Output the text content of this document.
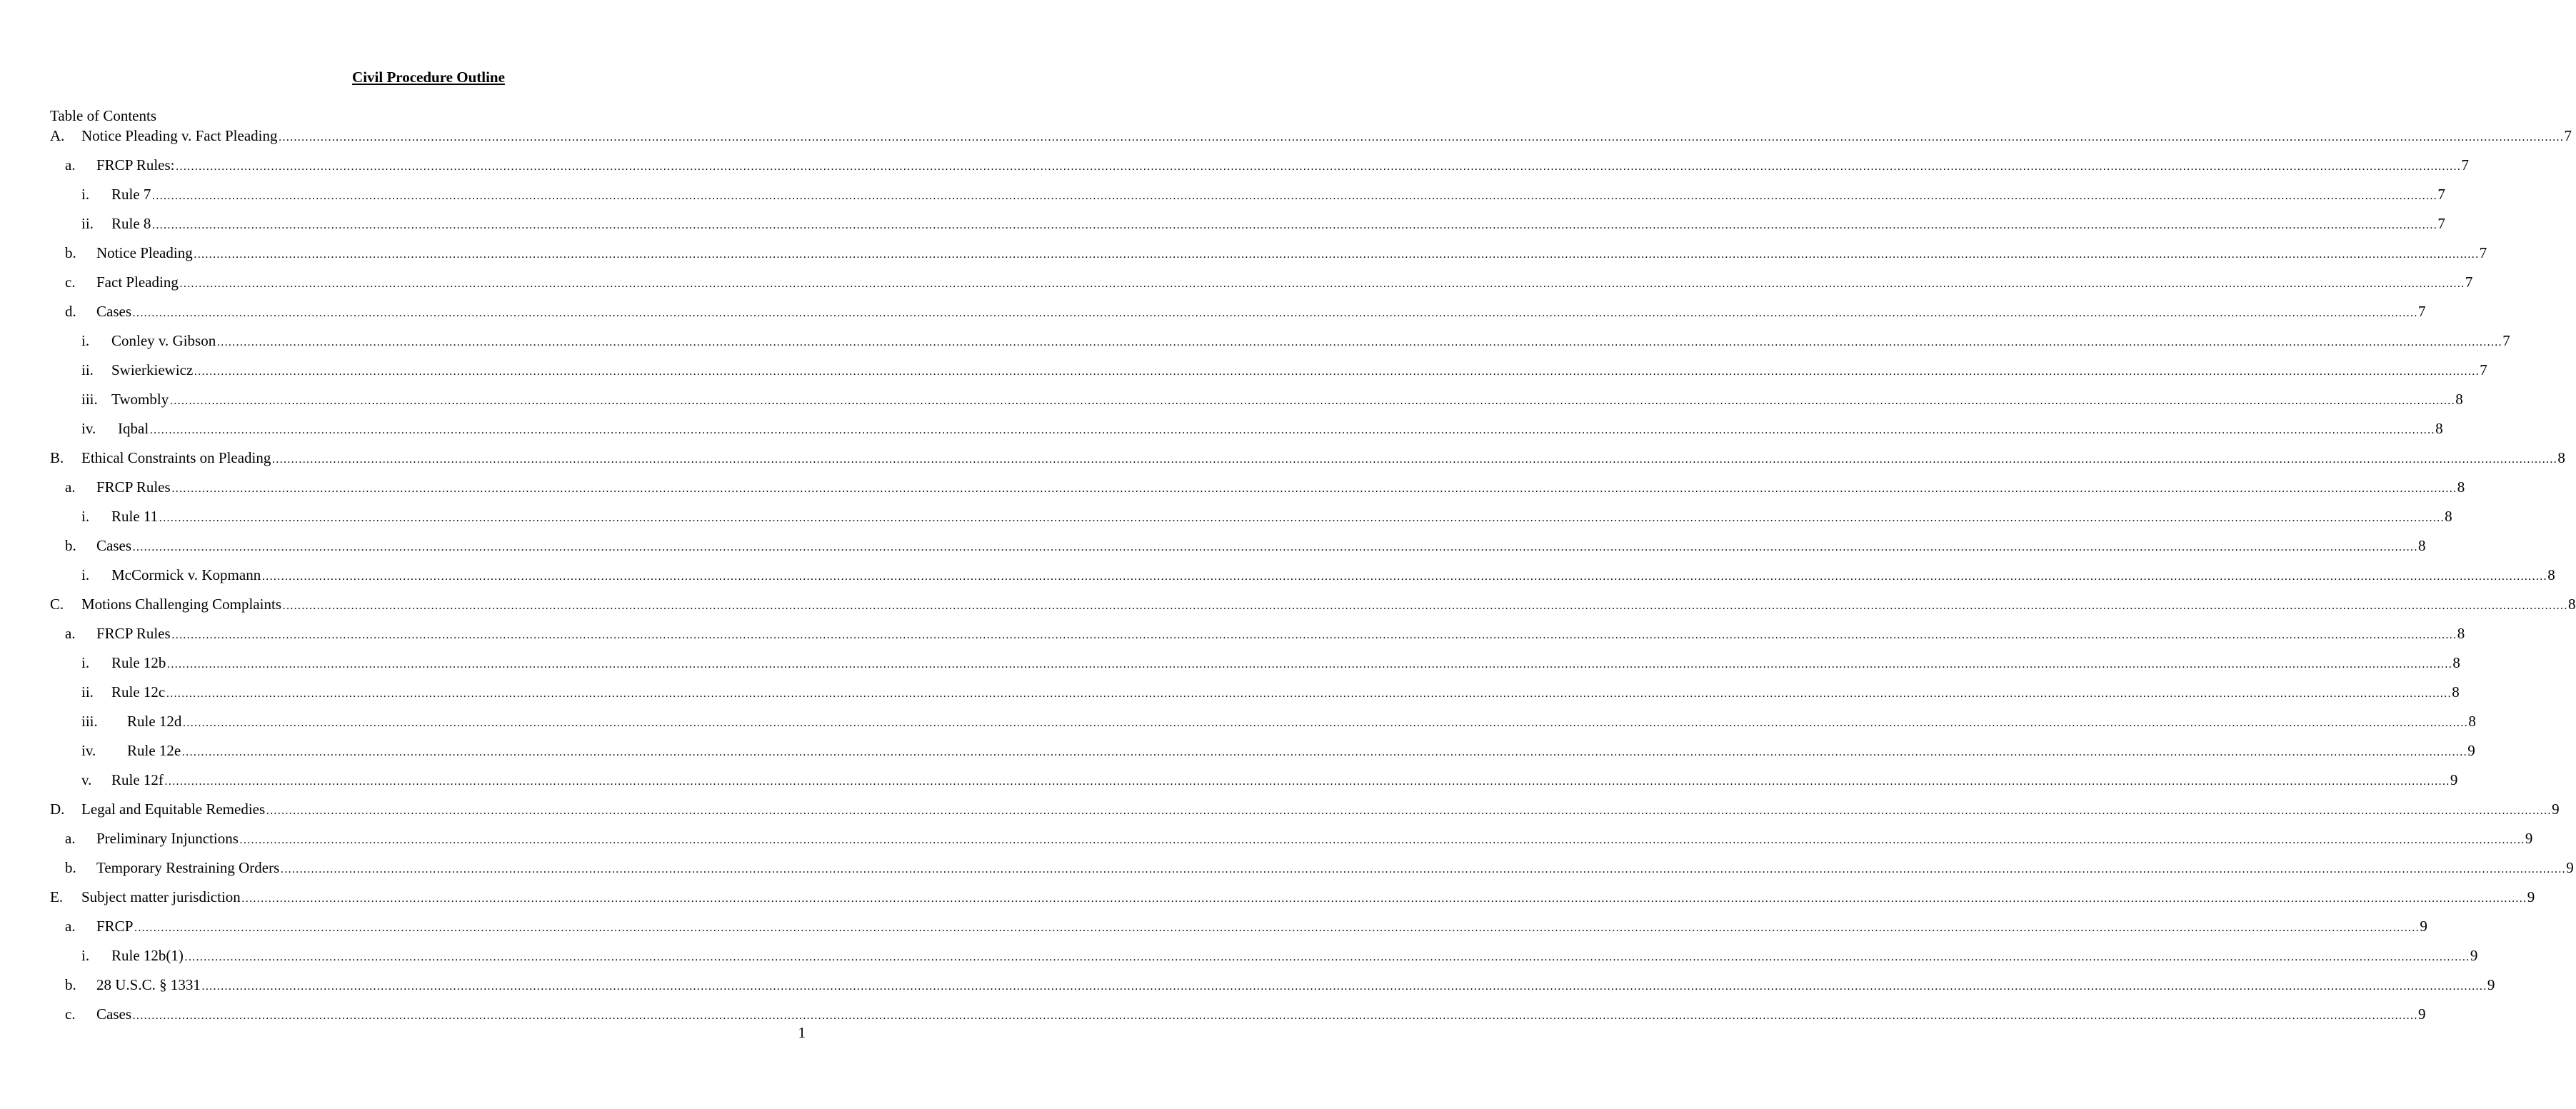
Civil Procedure Outline
Table of Contents
A.	Notice Pleading v. Fact Pleading …………………………………………………………………………………………………………………………………………………………………………………………………………………………………………………………………………………………………………………………………………………………………………………………………………………………………………………………………………………………………………………………………………………… 7
a.	FRCP Rules: …………………………………………………………………………………………………………………………………………………………………………………………………………………………………………………………………………………………………………………………………………………………………………………………………………………………………………………………………………………………………………………………………………………… 7
i.	Rule 7 …………………………………………………………………………………………………………………………………………………………………………………………………………………………………………………………………………………………………………………………………………………………………………………………………………………………………………………………………………………………………………………………………………………… 7
ii.	Rule 8 …………………………………………………………………………………………………………………………………………………………………………………………………………………………………………………………………………………………………………………………………………………………………………………………………………………………………………………………………………………………………………………………………………………… 7
b.	Notice Pleading …………………………………………………………………………………………………………………………………………………………………………………………………………………………………………………………………………………………………………………………………………………………………………………………………………………………………………………………………………………………………………………………………………………… 7
c.	Fact Pleading …………………………………………………………………………………………………………………………………………………………………………………………………………………………………………………………………………………………………………………………………………………………………………………………………………………………………………………………………………………………………………………………………………………… 7
d.	Cases …………………………………………………………………………………………………………………………………………………………………………………………………………………………………………………………………………………………………………………………………………………………………………………………………………………………………………………………………………………………………………………………………………………… 7
i.	Conley v. Gibson …………………………………………………………………………………………………………………………………………………………………………………………………………………………………………………………………………………………………………………………………………………………………………………………………………………………………………………………………………………………………………………………………………………… 7
ii.	Swierkiewicz …………………………………………………………………………………………………………………………………………………………………………………………………………………………………………………………………………………………………………………………………………………………………………………………………………………………………………………………………………………………………………………………………………………… 7
iii. Twombly …………………………………………………………………………………………………………………………………………………………………………………………………………………………………………………………………………………………………………………………………………………………………………………………………………………………………………………………………………………………………………………………………………………… 8
iv.	Iqbal …………………………………………………………………………………………………………………………………………………………………………………………………………………………………………………………………………………………………………………………………………………………………………………………………………………………………………………………………………………………………………………………………………………… 8
B.	Ethical Constraints on Pleading …………………………………………………………………………………………………………………………………………………………………………………………………………………………………………………………………………………………………………………………………………………………………………………………………………………………………………………………………………………………………………………………………………………… 8
a.	FRCP Rules …………………………………………………………………………………………………………………………………………………………………………………………………………………………………………………………………………………………………………………………………………………………………………………………………………………………………………………………………………………………………………………………………………………… 8
i.	Rule 11 …………………………………………………………………………………………………………………………………………………………………………………………………………………………………………………………………………………………………………………………………………………………………………………………………………………………………………………………………………………………………………………………………………………… 8
b.	Cases …………………………………………………………………………………………………………………………………………………………………………………………………………………………………………………………………………………………………………………………………………………………………………………………………………………………………………………………………………………………………………………………………………………… 8
i.	McCormick v. Kopmann …………………………………………………………………………………………………………………………………………………………………………………………………………………………………………………………………………………………………………………………………………………………………………………………………………………………………………………………………………………………………………………………………………………… 8
C.	Motions Challenging Complaints …………………………………………………………………………………………………………………………………………………………………………………………………………………………………………………………………………………………………………………………………………………………………………………………………………………………………………………………………………………………………………………………………………………… 8
a.	FRCP Rules …………………………………………………………………………………………………………………………………………………………………………………………………………………………………………………………………………………………………………………………………………………………………………………………………………………………………………………………………………………………………………………………………………………… 8
i.	Rule 12b …………………………………………………………………………………………………………………………………………………………………………………………………………………………………………………………………………………………………………………………………………………………………………………………………………………………………………………………………………………………………………………………………………………… 8
ii.	Rule 12c …………………………………………………………………………………………………………………………………………………………………………………………………………………………………………………………………………………………………………………………………………………………………………………………………………………………………………………………………………………………………………………………………………………… 8
iii.	Rule 12d …………………………………………………………………………………………………………………………………………………………………………………………………………………………………………………………………………………………………………………………………………………………………………………………………………………………………………………………………………………………………………………………………………………… 8
iv.	Rule 12e …………………………………………………………………………………………………………………………………………………………………………………………………………………………………………………………………………………………………………………………………………………………………………………………………………………………………………………………………………………………………………………………………………………… 9
v.	Rule 12f …………………………………………………………………………………………………………………………………………………………………………………………………………………………………………………………………………………………………………………………………………………………………………………………………………………………………………………………………………………………………………………………………………………… 9
D.	Legal and Equitable Remedies …………………………………………………………………………………………………………………………………………………………………………………………………………………………………………………………………………………………………………………………………………………………………………………………………………………………………………………………………………………………………………………………………………………… 9
a.	Preliminary Injunctions …………………………………………………………………………………………………………………………………………………………………………………………………………………………………………………………………………………………………………………………………………………………………………………………………………………………………………………………………………………………………………………………………………………… 9
b.	Temporary Restraining Orders …………………………………………………………………………………………………………………………………………………………………………………………………………………………………………………………………………………………………………………………………………………………………………………………………………………………………………………………………………………………………………………………………………………… 9
E.	Subject matter jurisdiction …………………………………………………………………………………………………………………………………………………………………………………………………………………………………………………………………………………………………………………………………………………………………………………………………………………………………………………………………………………………………………………………………………………… 9
a.	FRCP …………………………………………………………………………………………………………………………………………………………………………………………………………………………………………………………………………………………………………………………………………………………………………………………………………………………………………………………………………………………………………………………………………………… 9
i.	Rule 12b(1) …………………………………………………………………………………………………………………………………………………………………………………………………………………………………………………………………………………………………………………………………………………………………………………………………………………………………………………………………………………………………………………………………………………… 9
b.	28 U.S.C. § 1331 …………………………………………………………………………………………………………………………………………………………………………………………………………………………………………………………………………………………………………………………………………………………………………………………………………………………………………………………………………………………………………………………………………………… 9
c.	Cases …………………………………………………………………………………………………………………………………………………………………………………………………………………………………………………………………………………………………………………………………………………………………………………………………………………………………………………………………………………………………………………………………………………… 9
1
